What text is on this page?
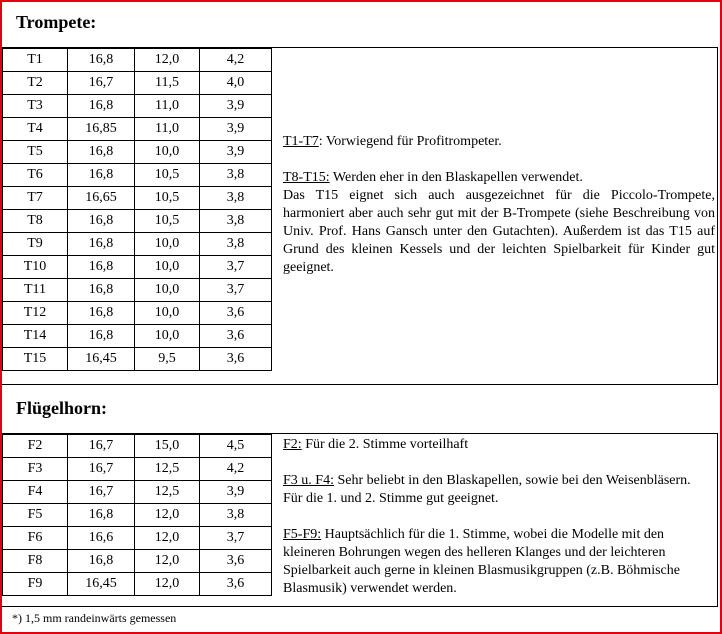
Trompete:
T1	16,8	12,0	4,2
T2	16,7	11,5	4,0
T3	16,8	11,0	3,9
T4	16,85	11,0	3,9
T5	16,8	10,0	3,9
T6	16,8	10,5	3,8
T7	16,65	10,5	3,8
T8	16,8	10,5	3,8
T9	16,8	10,0	3,8
T10	16,8	10,0	3,7
T11	16,8	10,0	3,7
T12	16,8	10,0	3,6
T14	16,8	10,0	3,6
T15	16,45	9,5	3,6

T1-T7: Vorwiegend für Profitrompeter.

T8-T15: Werden eher in den Blaskapellen verwendet.

Das T15 eignet sich auch ausgezeichnet für die Piccolo-Trompete, harmoniert aber auch sehr gut mit der B-Trompete (siehe Beschreibung von Univ. Prof. Hans Gansch unter den Gutachten). Außerdem ist das T15 auf Grund des kleinen Kessels und der leichten Spielbarkeit für Kinder gut geeignet.

Flügelhorn:
F2	16,7	15,0	4,5
F3	16,7	12,5	4,2
F4	16,7	12,5	3,9
F5	16,8	12,0	3,8
F6	16,6	12,0	3,7
F8	16,8	12,0	3,6
F9	16,45	12,0	3,6

F2: Für die 2. Stimme vorteilhaft

F3 u. F4: Sehr beliebt in den Blaskapellen, sowie bei den Weisenbläsern. Für die 1. und 2. Stimme gut geeignet.

F5-F9: Hauptsächlich für die 1. Stimme, wobei die Modelle mit den kleineren Bohrungen wegen des helleren Klanges und der leichteren Spielbarkeit auch gerne in kleinen Blasmusikgruppen (z.B. Böhmische Blasmusik) verwendet werden.

*) 1,5 mm randeinwärts gemessen
